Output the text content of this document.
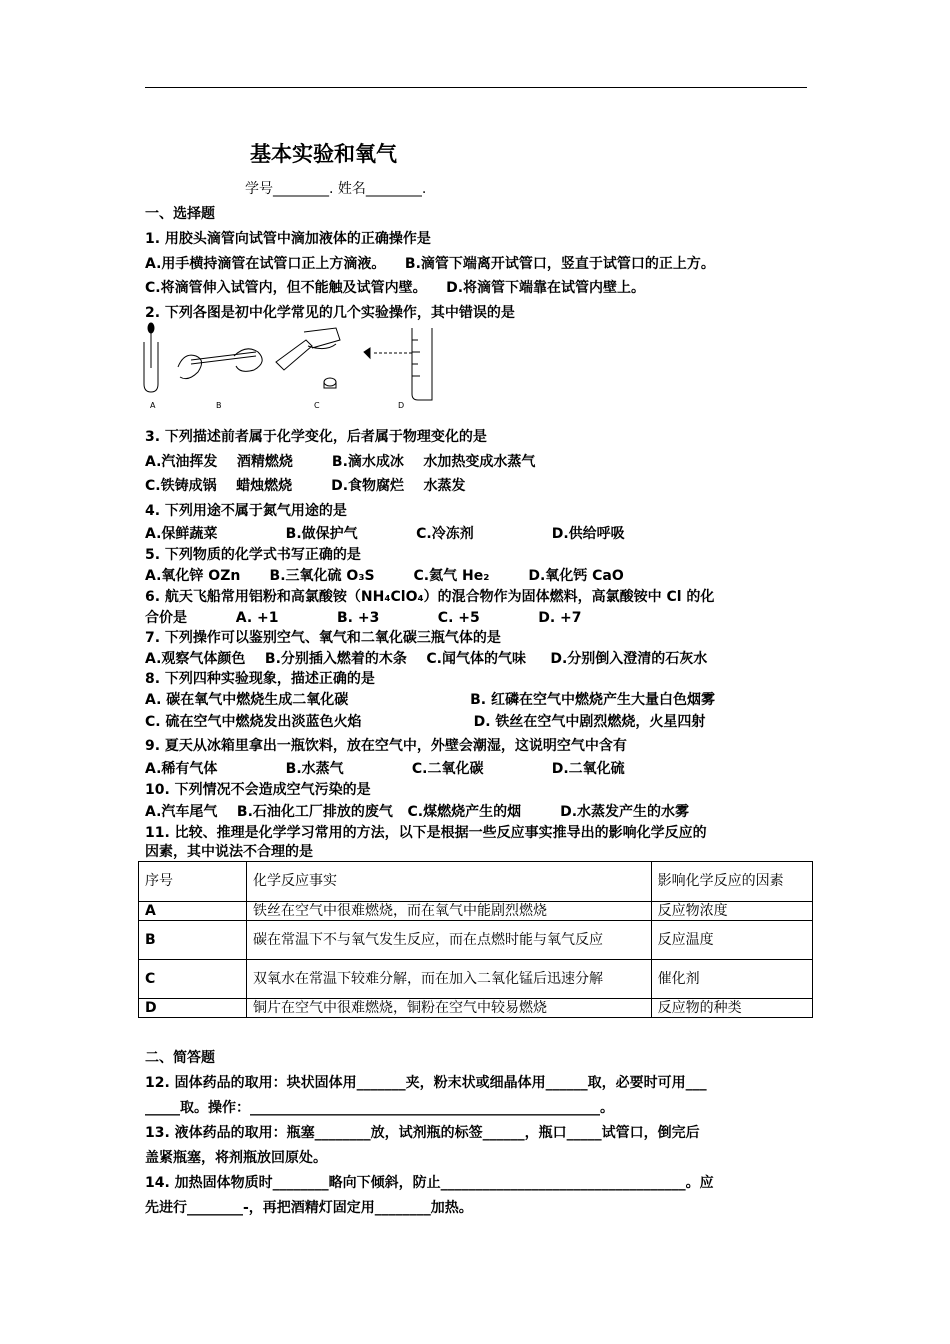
基本实验和氧气
学号________. 姓名________.
一、选择题
1. 用胶头滴管向试管中滴加液体的正确操作是
A.用手横持滴管在试管口正上方滴液。    B.滴管下端离开试管口，竖直于试管口的正上方。
C.将滴管伸入试管内，但不能触及试管内壁。    D.将滴管下端靠在试管内壁上。
2. 下列各图是初中化学常见的几个实验操作，其中错误的是
A	B	C	D
3. 下列描述前者属于化学变化，后者属于物理变化的是
A.汽油挥发    酒精燃烧        B.滴水成冰    水加热变成水蒸气
C.铁铸成锅    蜡烛燃烧        D.食物腐烂    水蒸发
4. 下列用途不属于氮气用途的是
A.保鲜蔬菜              B.做保护气            C.冷冻剂                D.供给呼吸
5. 下列物质的化学式书写正确的是
A.氧化锌 OZn      B.三氧化硫 O₃S        C.氦气 He₂        D.氧化钙 CaO
6. 航天飞船常用铝粉和高氯酸铵（NH₄ClO₄）的混合物作为固体燃料，高氯酸铵中 Cl 的化
合价是          A. +1            B. +3            C. +5            D. +7
7. 下列操作可以鉴别空气、氧气和二氧化碳三瓶气体的是
A.观察气体颜色    B.分别插入燃着的木条    C.闻气体的气味     D.分别倒入澄清的石灰水
8. 下列四种实验现象，描述正确的是
A. 碳在氧气中燃烧生成二氧化碳                         B. 红磷在空气中燃烧产生大量白色烟雾
C. 硫在空气中燃烧发出淡蓝色火焰                       D. 铁丝在空气中剧烈燃烧，火星四射
9. 夏天从冰箱里拿出一瓶饮料，放在空气中，外壁会潮湿，这说明空气中含有
A.稀有气体              B.水蒸气              C.二氧化碳              D.二氧化硫
10. 下列情况不会造成空气污染的是
A.汽车尾气    B.石油化工厂排放的废气   C.煤燃烧产生的烟        D.水蒸发产生的水雾
11. 比较、推理是化学学习常用的方法，以下是根据一些反应事实推导出的影响化学反应的
因素，其中说法不合理的是
序号	化学反应事实	影响化学反应的因素
A	铁丝在空气中很难燃烧，而在氧气中能剧烈燃烧	反应物浓度
B	碳在常温下不与氧气发生反应，而在点燃时能与氧气反应	反应温度
C	双氧水在常温下较难分解，而在加入二氧化锰后迅速分解	催化剂
D	铜片在空气中很难燃烧，铜粉在空气中较易燃烧	反应物的种类
二、简答题
12. 固体药品的取用：块状固体用_______夹，粉末状或细晶体用______取，必要时可用___
_____取。操作：__________________________________________________。
13. 液体药品的取用：瓶塞________放，试剂瓶的标签______，瓶口_____试管口，倒完后
盖紧瓶塞，将剂瓶放回原处。
14. 加热固体物质时________略向下倾斜，防止___________________________________。应
先进行________-，再把酒精灯固定用________加热。
